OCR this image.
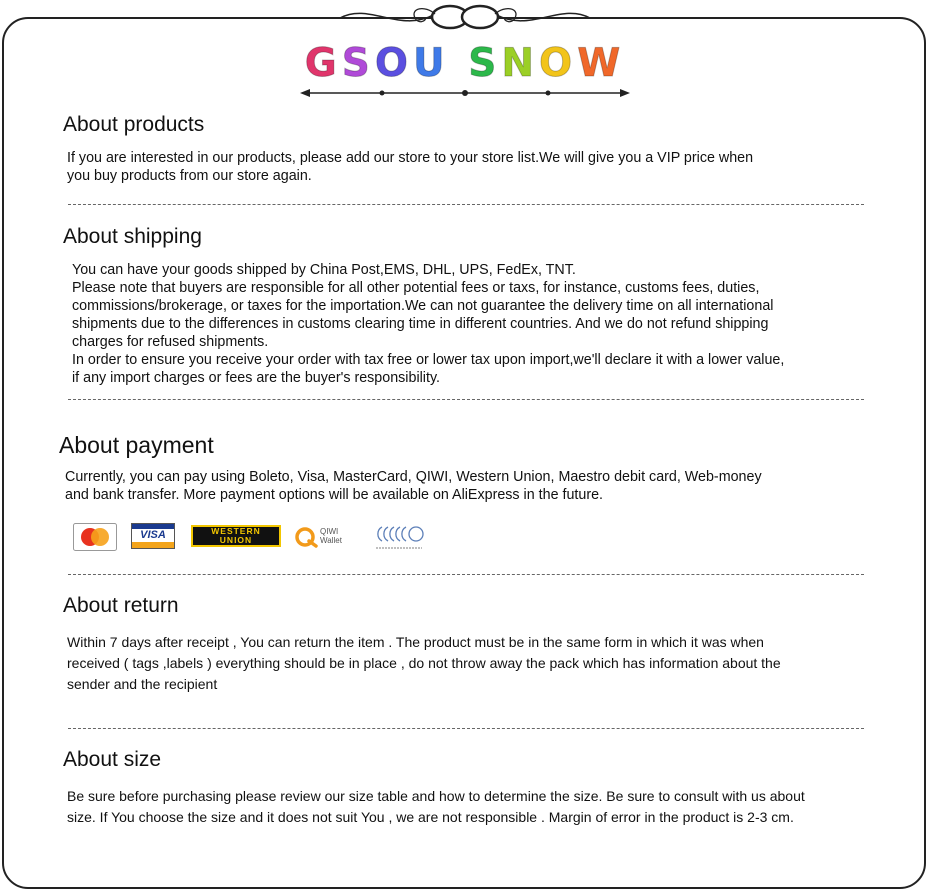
GSOU SNOW
About products

If you are interested in our products, please add our store to your store list.We will give you a VIP price when
you buy products from our store again.

About shipping

You can have your goods shipped by China Post,EMS, DHL, UPS, FedEx, TNT.
Please note that buyers are responsible for all other potential fees or taxs, for instance, customs fees, duties,
commissions/brokerage, or taxes for the importation.We can not guarantee the delivery time on all international
shipments due to the differences in customs clearing time in different countries. And we do not refund shipping
charges for refused shipments.
In order to ensure you receive your order with tax free or lower tax upon import,we'll declare it with a lower value,
if any import charges or fees are the buyer's responsibility.

About payment

Currently, you can pay using Boleto, Visa, MasterCard, QIWI, Western Union, Maestro debit card, Web-money
and bank transfer. More payment options will be available on AliExpress in the future.

VISA	WESTERN
UNION
QIWI
Wallet
About return

Within 7 days after receipt , You can return the item . The product must be in the same form in which it was when
received ( tags ,labels ) everything should be in place , do not throw away the pack which has information about the
sender and the recipient

About size

Be sure before purchasing please review our size table and how to determine the size. Be sure to consult with us about
size. If You choose the size and it does not suit You , we are not responsible . Margin of error in the product is 2-3 cm.
